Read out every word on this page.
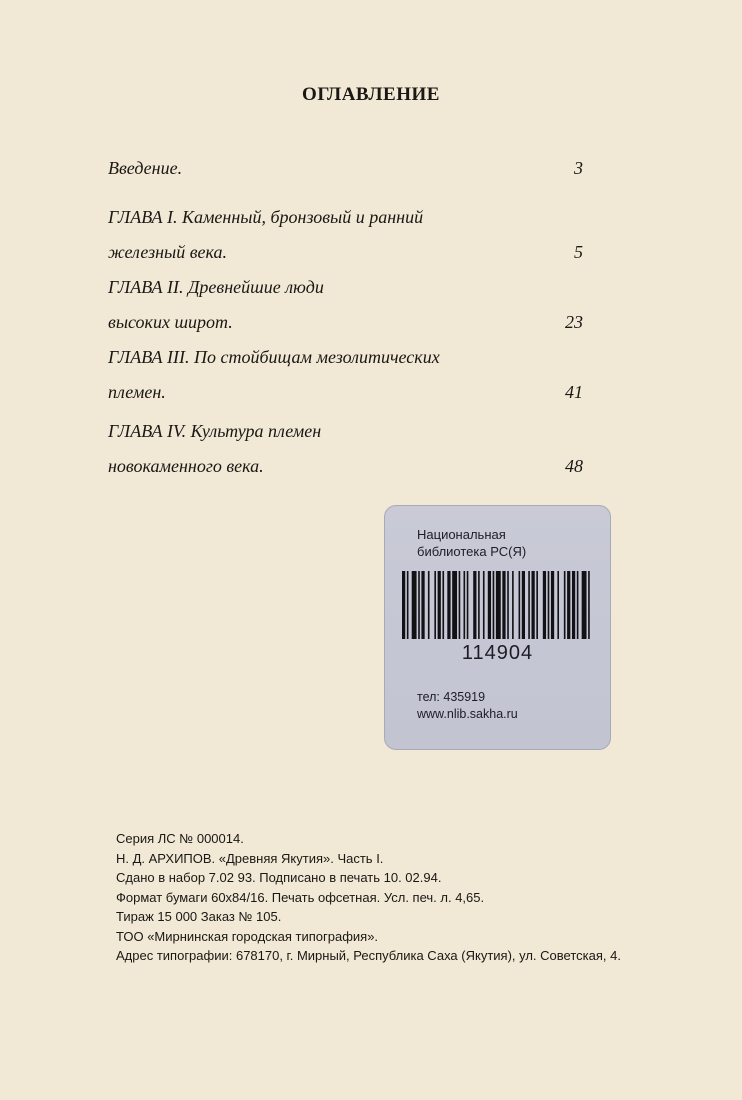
ОГЛАВЛЕНИЕ
Введение.	3
ГЛАВА I. Каменный, бронзовый и ранний
железный века.	5
ГЛАВА II. Древнейшие люди
высоких широт.	23
ГЛАВА III. По стойбищам мезолитических
племен.	41
ГЛАВА IV. Культура племен
новокаменного века.	48
Национальная
библиотека РС(Я)
114904
тел: 435919
www.nlib.sakha.ru
Серия ЛС № 000014.
Н. Д. АРХИПОВ. «Древняя Якутия». Часть I.
Сдано в набор 7.02 93. Подписано в печать 10. 02.94.
Формат бумаги 60х84/16. Печать офсетная. Усл. печ. л. 4,65.
Тираж 15 000 Заказ № 105.
ТОО «Мирнинская городская типография».
Адрес типографии: 678170, г. Мирный, Республика Саха (Якутия), ул. Советская, 4.
